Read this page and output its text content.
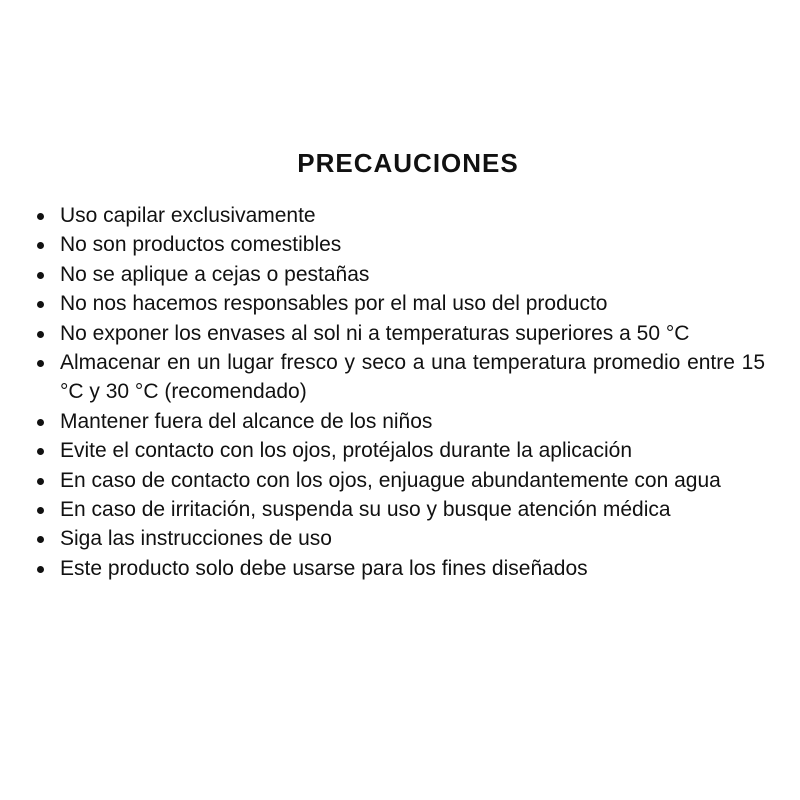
PRECAUCIONES
Uso capilar exclusivamente
No son productos comestibles
No se aplique a cejas o pestañas
No nos hacemos responsables por el mal uso del producto
No exponer los envases al sol ni a temperaturas superiores a 50 °C
Almacenar en un lugar fresco y seco a una temperatura promedio entre 15 °C y 30 °C (recomendado)
Mantener fuera del alcance de los niños
Evite el contacto con los ojos, protéjalos durante la aplicación
En caso de contacto con los ojos, enjuague abundantemente con agua
En caso de irritación, suspenda su uso y busque atención médica
Siga las instrucciones de uso
Este producto solo debe usarse para los fines diseñados
